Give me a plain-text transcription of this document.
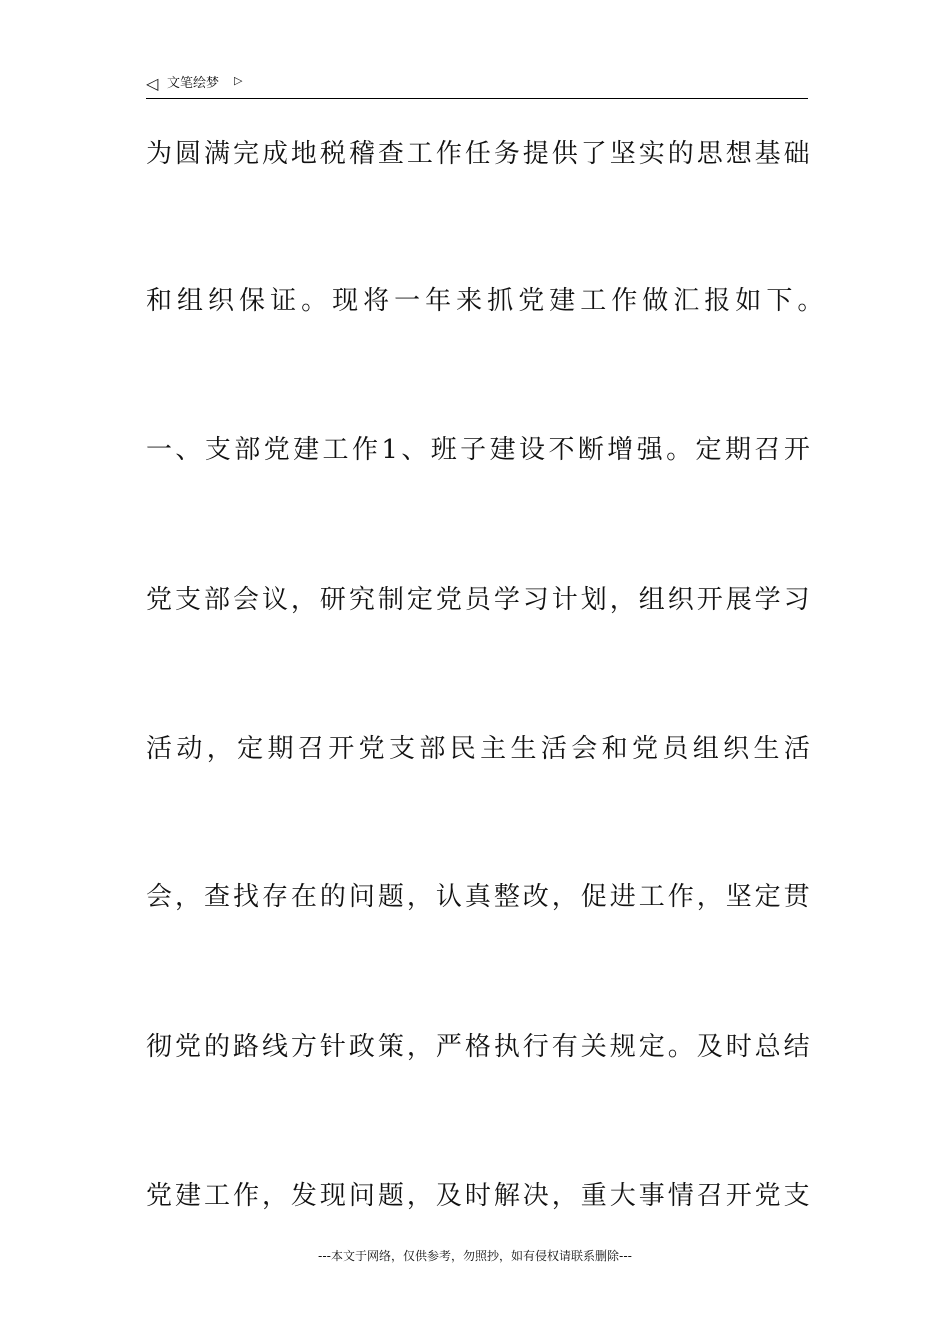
◁ 文笔绘梦 ▷
为 圆 满 完 成 地 税 稽 查 工 作 任 务 提 供 了 坚 实 的 思 想 基 础
和 组 织 保 证 。 现 将 一 年 来 抓 党 建 工 作 做 汇 报 如 下 。
一 、 支 部 党 建 工 作 1 、 班 子 建 设 不 断 增 强 。 定 期 召 开
党 支 部 会 议 ， 研 究 制 定 党 员 学 习 计 划 ， 组 织 开 展 学 习
活 动 ， 定 期 召 开 党 支 部 民 主 生 活 会 和 党 员 组 织 生 活
会 ， 查 找 存 在 的 问 题 ， 认 真 整 改 ， 促 进 工 作 ， 坚 定 贯
彻 党 的 路 线 方 针 政 策 ， 严 格 执 行 有 关 规 定 。 及 时 总 结
党 建 工 作 ， 发 现 问 题 ， 及 时 解 决 ， 重 大 事 情 召 开 党 支
---本文于网络，仅供参考，勿照抄，如有侵权请联系删除---
